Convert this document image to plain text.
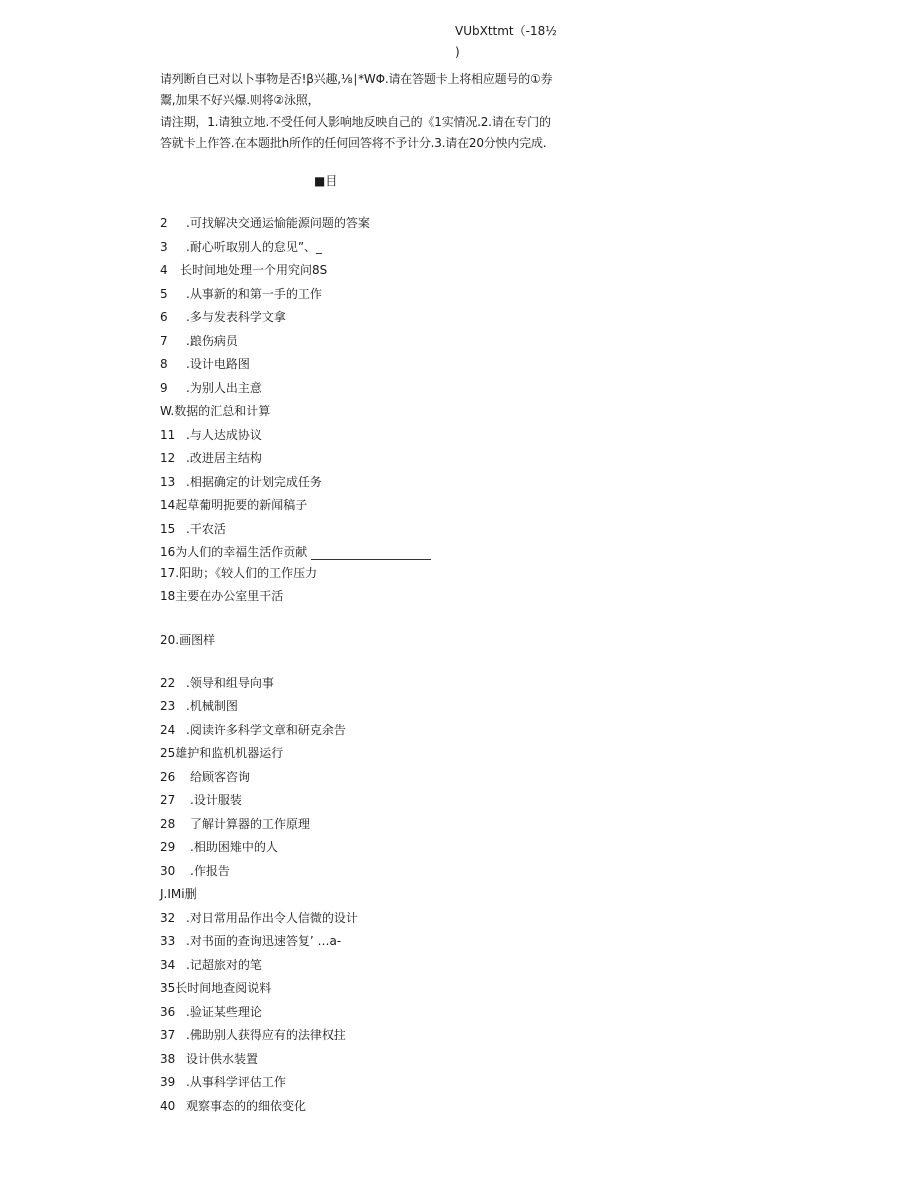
VUbXttmt（-18½
)
请列断自已对以卜事物是否!β兴趣,⅛∣*WΦ.请在答题卡上将相应题号的①券
鬻,加果不好兴爆.则将②泳照，
请注期，1.请独立地.不受任何人影响地反映自己的《1实情况.2.请在专门的
答就卡上作答.在本题批h所作的任何回答将不予计分.3.请在20分怏内完成.
■目
2 .可找解决交通运愉能源问题的答案
3 .耐心听取别人的怠见”、_
4 长时间地处理一个用究问8S
5 .从事新的和第一手的工作
6 .多与发表科学文拿
7 .踉伤病员
8 .设计电路图
9 .为别人出主意
W.数据的汇总和计算
11 .与人达成协议
12 .改进居主结构
13 .相据确定的计划完成任务
14起草葡明扼要的新闻稿子
15 .干农活
16为人们的幸福生活作贡献
17.阳助；《较人们的工作压力
18主要在办公室里干活
20.画图样
22 .领导和组导向事
23 .机械制图
24 .阅读许多科学文章和研克余告
25雄护和监机机器运行
26 给顾客咨询
27 .设计服装
28 了解计算器的工作原理
29 .相助困雉中的人
30 .作报告
J.IMi删
32 .对日常用品作出令人信微的设计
33 .对书面的查询迅速答复’ …a-
34 .记超旅对的笔
35长时间地查阅说料
36 .验证某些理论
37 .佛助别人获得应有的法律权拄
38 设计供水装置
39 .从事科学评估工作
40 观察事态的的细依变化
